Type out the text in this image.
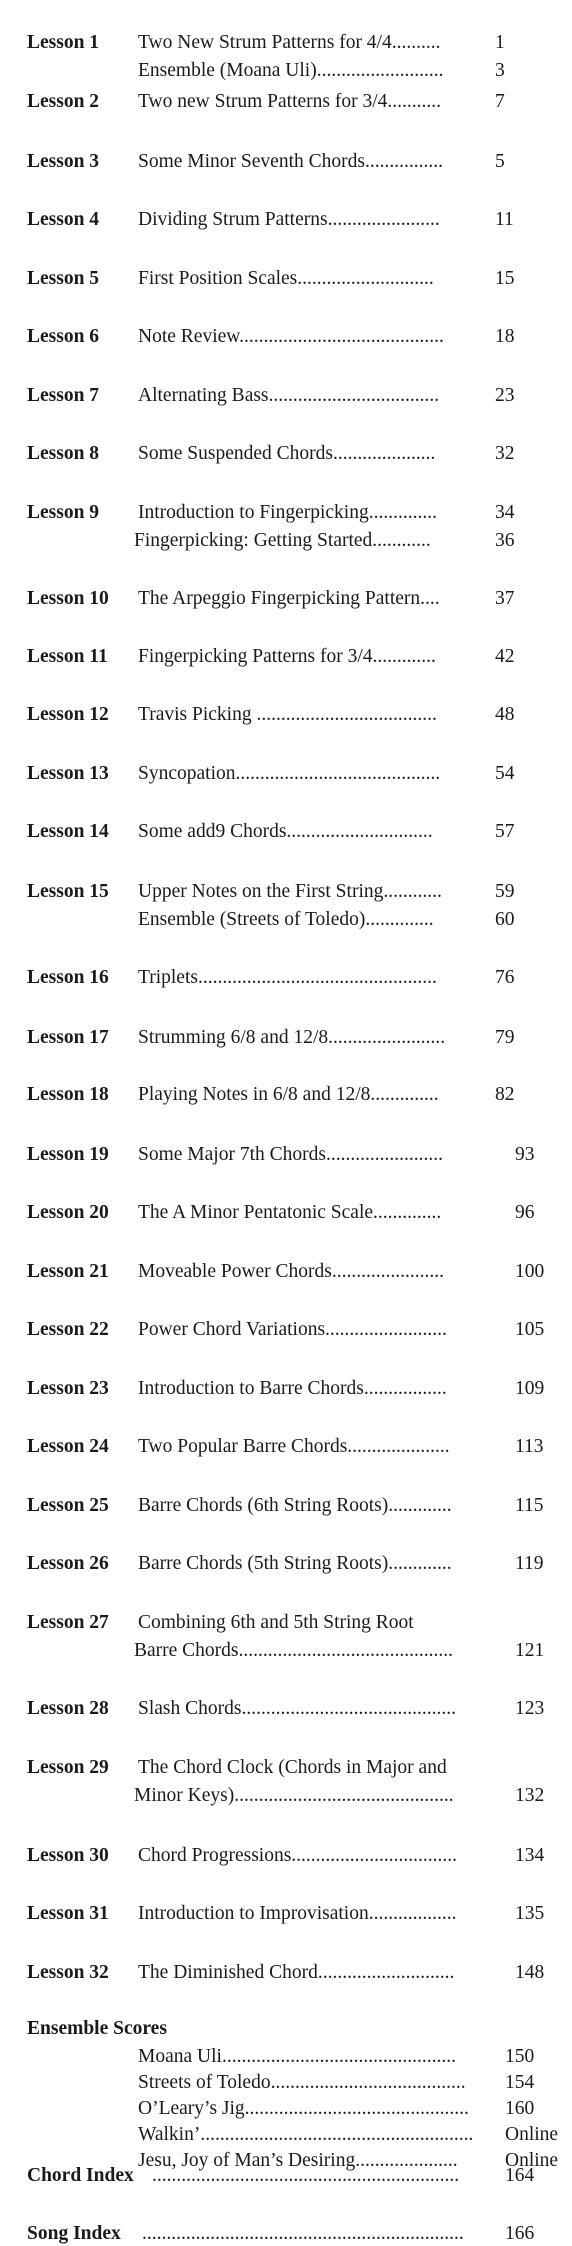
Lesson 1	Two New Strum Patterns for 4/4..........	1
Ensemble (Moana Uli)..........................	3
Lesson 2	Two new Strum Patterns for 3/4...........	7
Lesson 3	Some Minor Seventh Chords................	5
Lesson 4	Dividing Strum Patterns.......................	11
Lesson 5	First Position Scales............................	15
Lesson 6	Note Review..........................................	18
Lesson 7	Alternating Bass...................................	23
Lesson 8	Some Suspended Chords.....................	32
Lesson 9	Introduction to Fingerpicking..............	34
Fingerpicking: Getting Started............	36
Lesson 10	The Arpeggio Fingerpicking Pattern....	37
Lesson 11	Fingerpicking Patterns for 3/4.............	42
Lesson 12	Travis Picking .....................................	48
Lesson 13	Syncopation..........................................	54
Lesson 14	Some add9 Chords..............................	57
Lesson 15	Upper Notes on the First String............	59
Ensemble (Streets of Toledo)..............	60
Lesson 16	Triplets.................................................	76
Lesson 17	Strumming 6/8 and 12/8........................	79
Lesson 18	Playing Notes in 6/8 and 12/8..............	82
Lesson 19	Some Major 7th Chords........................	93
Lesson 20	The A Minor Pentatonic Scale..............	96
Lesson 21	Moveable Power Chords.......................	100
Lesson 22	Power Chord Variations.........................	105
Lesson 23	Introduction to Barre Chords.................	109
Lesson 24	Two Popular Barre Chords.....................	113
Lesson 25	Barre Chords (6th String Roots).............	115
Lesson 26	Barre Chords (5th String Roots).............	119
Lesson 27	Combining 6th and 5th String Root
Barre Chords............................................	121
Lesson 28	Slash Chords............................................	123
Lesson 29	The Chord Clock (Chords in Major and
Minor Keys).............................................	132
Lesson 30	Chord Progressions..................................	134
Lesson 31	Introduction to Improvisation..................	135
Lesson 32	The Diminished Chord............................	148
Ensemble Scores
Moana Uli................................................	150
Streets of Toledo........................................	154
O’Leary’s Jig..............................................	160
Walkin’........................................................	Online
Jesu, Joy of Man’s Desiring.....................	Online
Chord Index ...............................................................	164
Song Index ..................................................................	166
